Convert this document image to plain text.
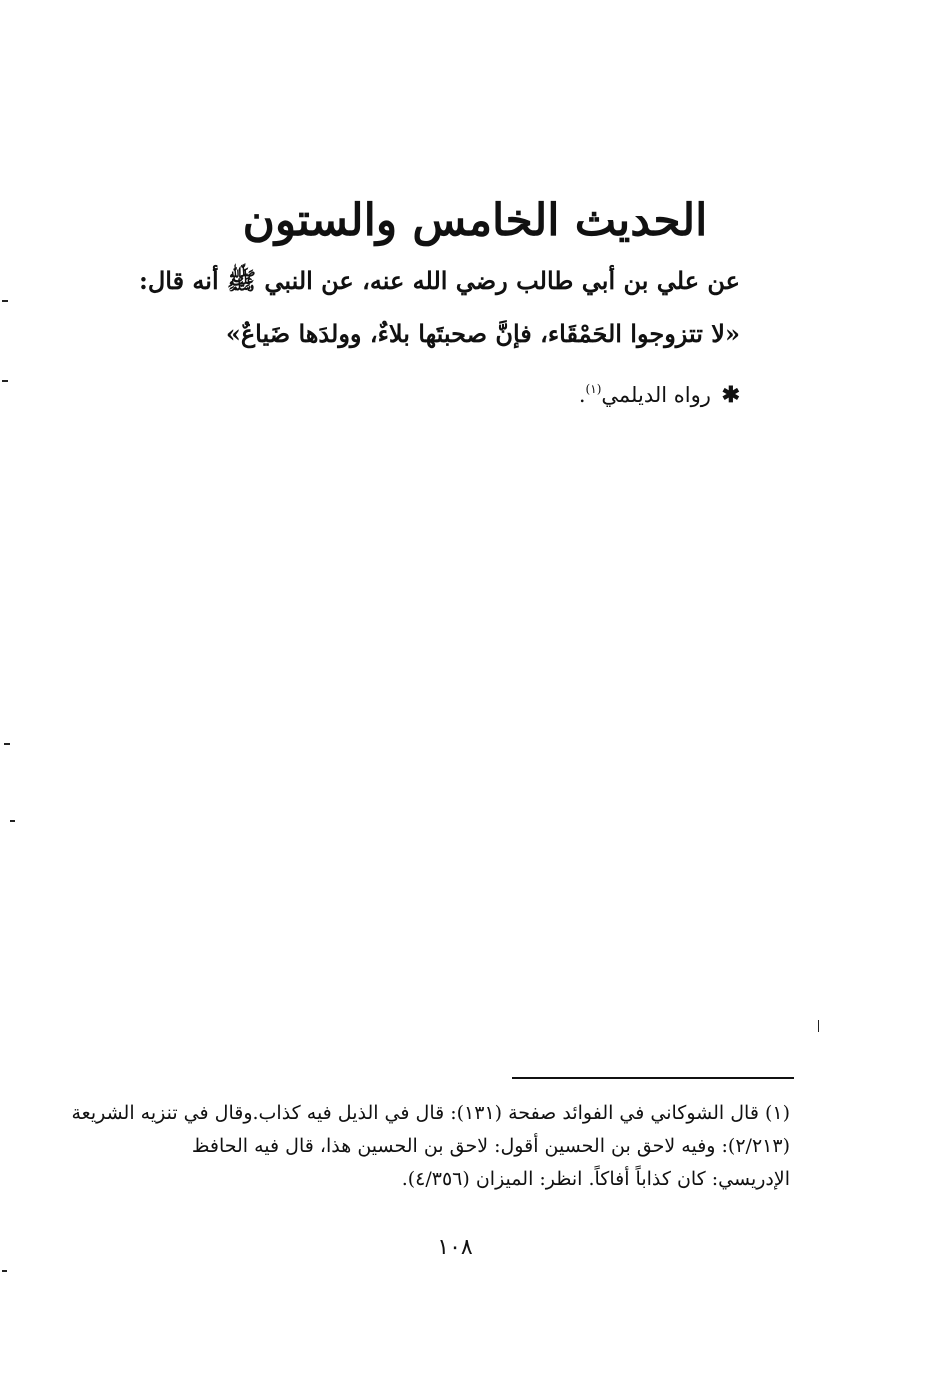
الحديث الخامس والستون
عن علي بن أبي طالب رضي الله عنه، عن النبي ﷺ أنه قال:
«لا تتزوجوا الحَمْقَاء، فإنَّ صحبتَها بلاءٌ، وولدَها ضَياعٌ»
✱ رواه الديلمي$^{(١)}$.
(١) قال الشوكاني في الفوائد صفحة (١٣١): قال في الذيل فيه كذاب.وقال في تنزيه الشريعة
(٢/٢١٣): وفيه لاحق بن الحسين أقول: لاحق بن الحسين هذا، قال فيه الحافظ
الإدريسي: كان كذاباً أفاكاً. انظر: الميزان (٤/٣٥٦).
١٠٨
